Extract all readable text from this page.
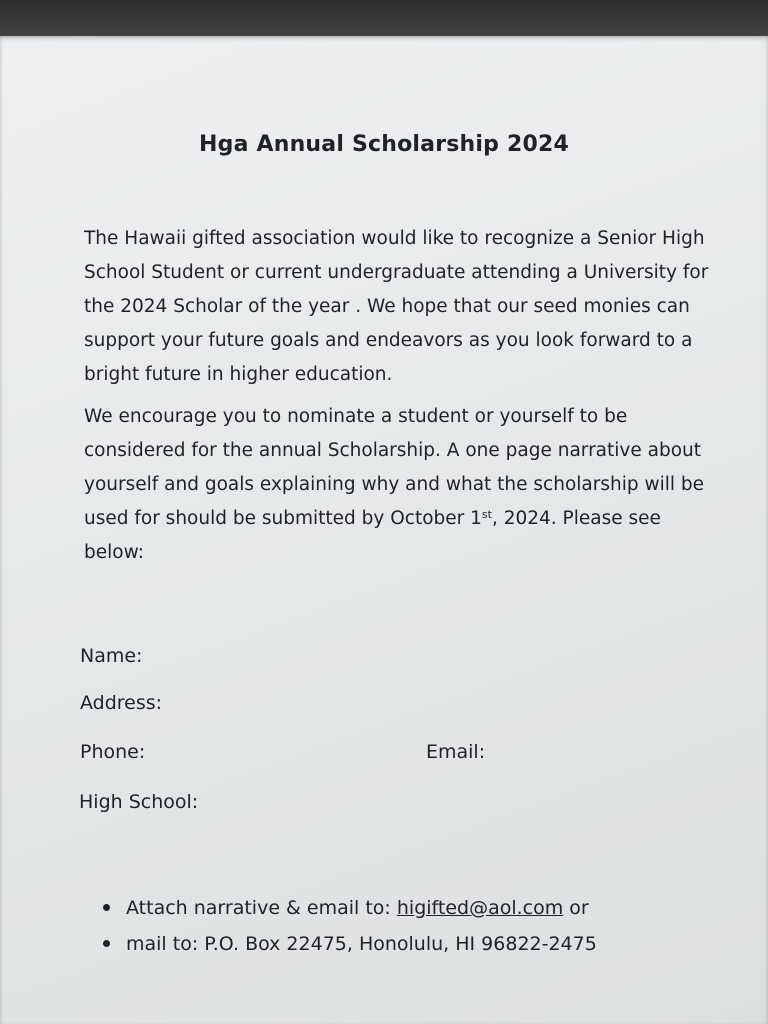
Hga Annual Scholarship 2024

The Hawaii gifted association would like to recognize a Senior High School Student or current undergraduate attending a University for the 2024 Scholar of the year . We hope that our seed monies can support your future goals and endeavors as you look forward to a bright future in higher education.

We encourage you to nominate a student or yourself to be considered for the annual Scholarship. A one page narrative about yourself and goals explaining why and what the scholarship will be used for should be submitted by October 1st, 2024. Please see below:

Name:

Address:

Phone:	Email:

High School:

Attach narrative & email to: higifted@aol.com or
mail to: P.O. Box 22475, Honolulu, HI 96822-2475
